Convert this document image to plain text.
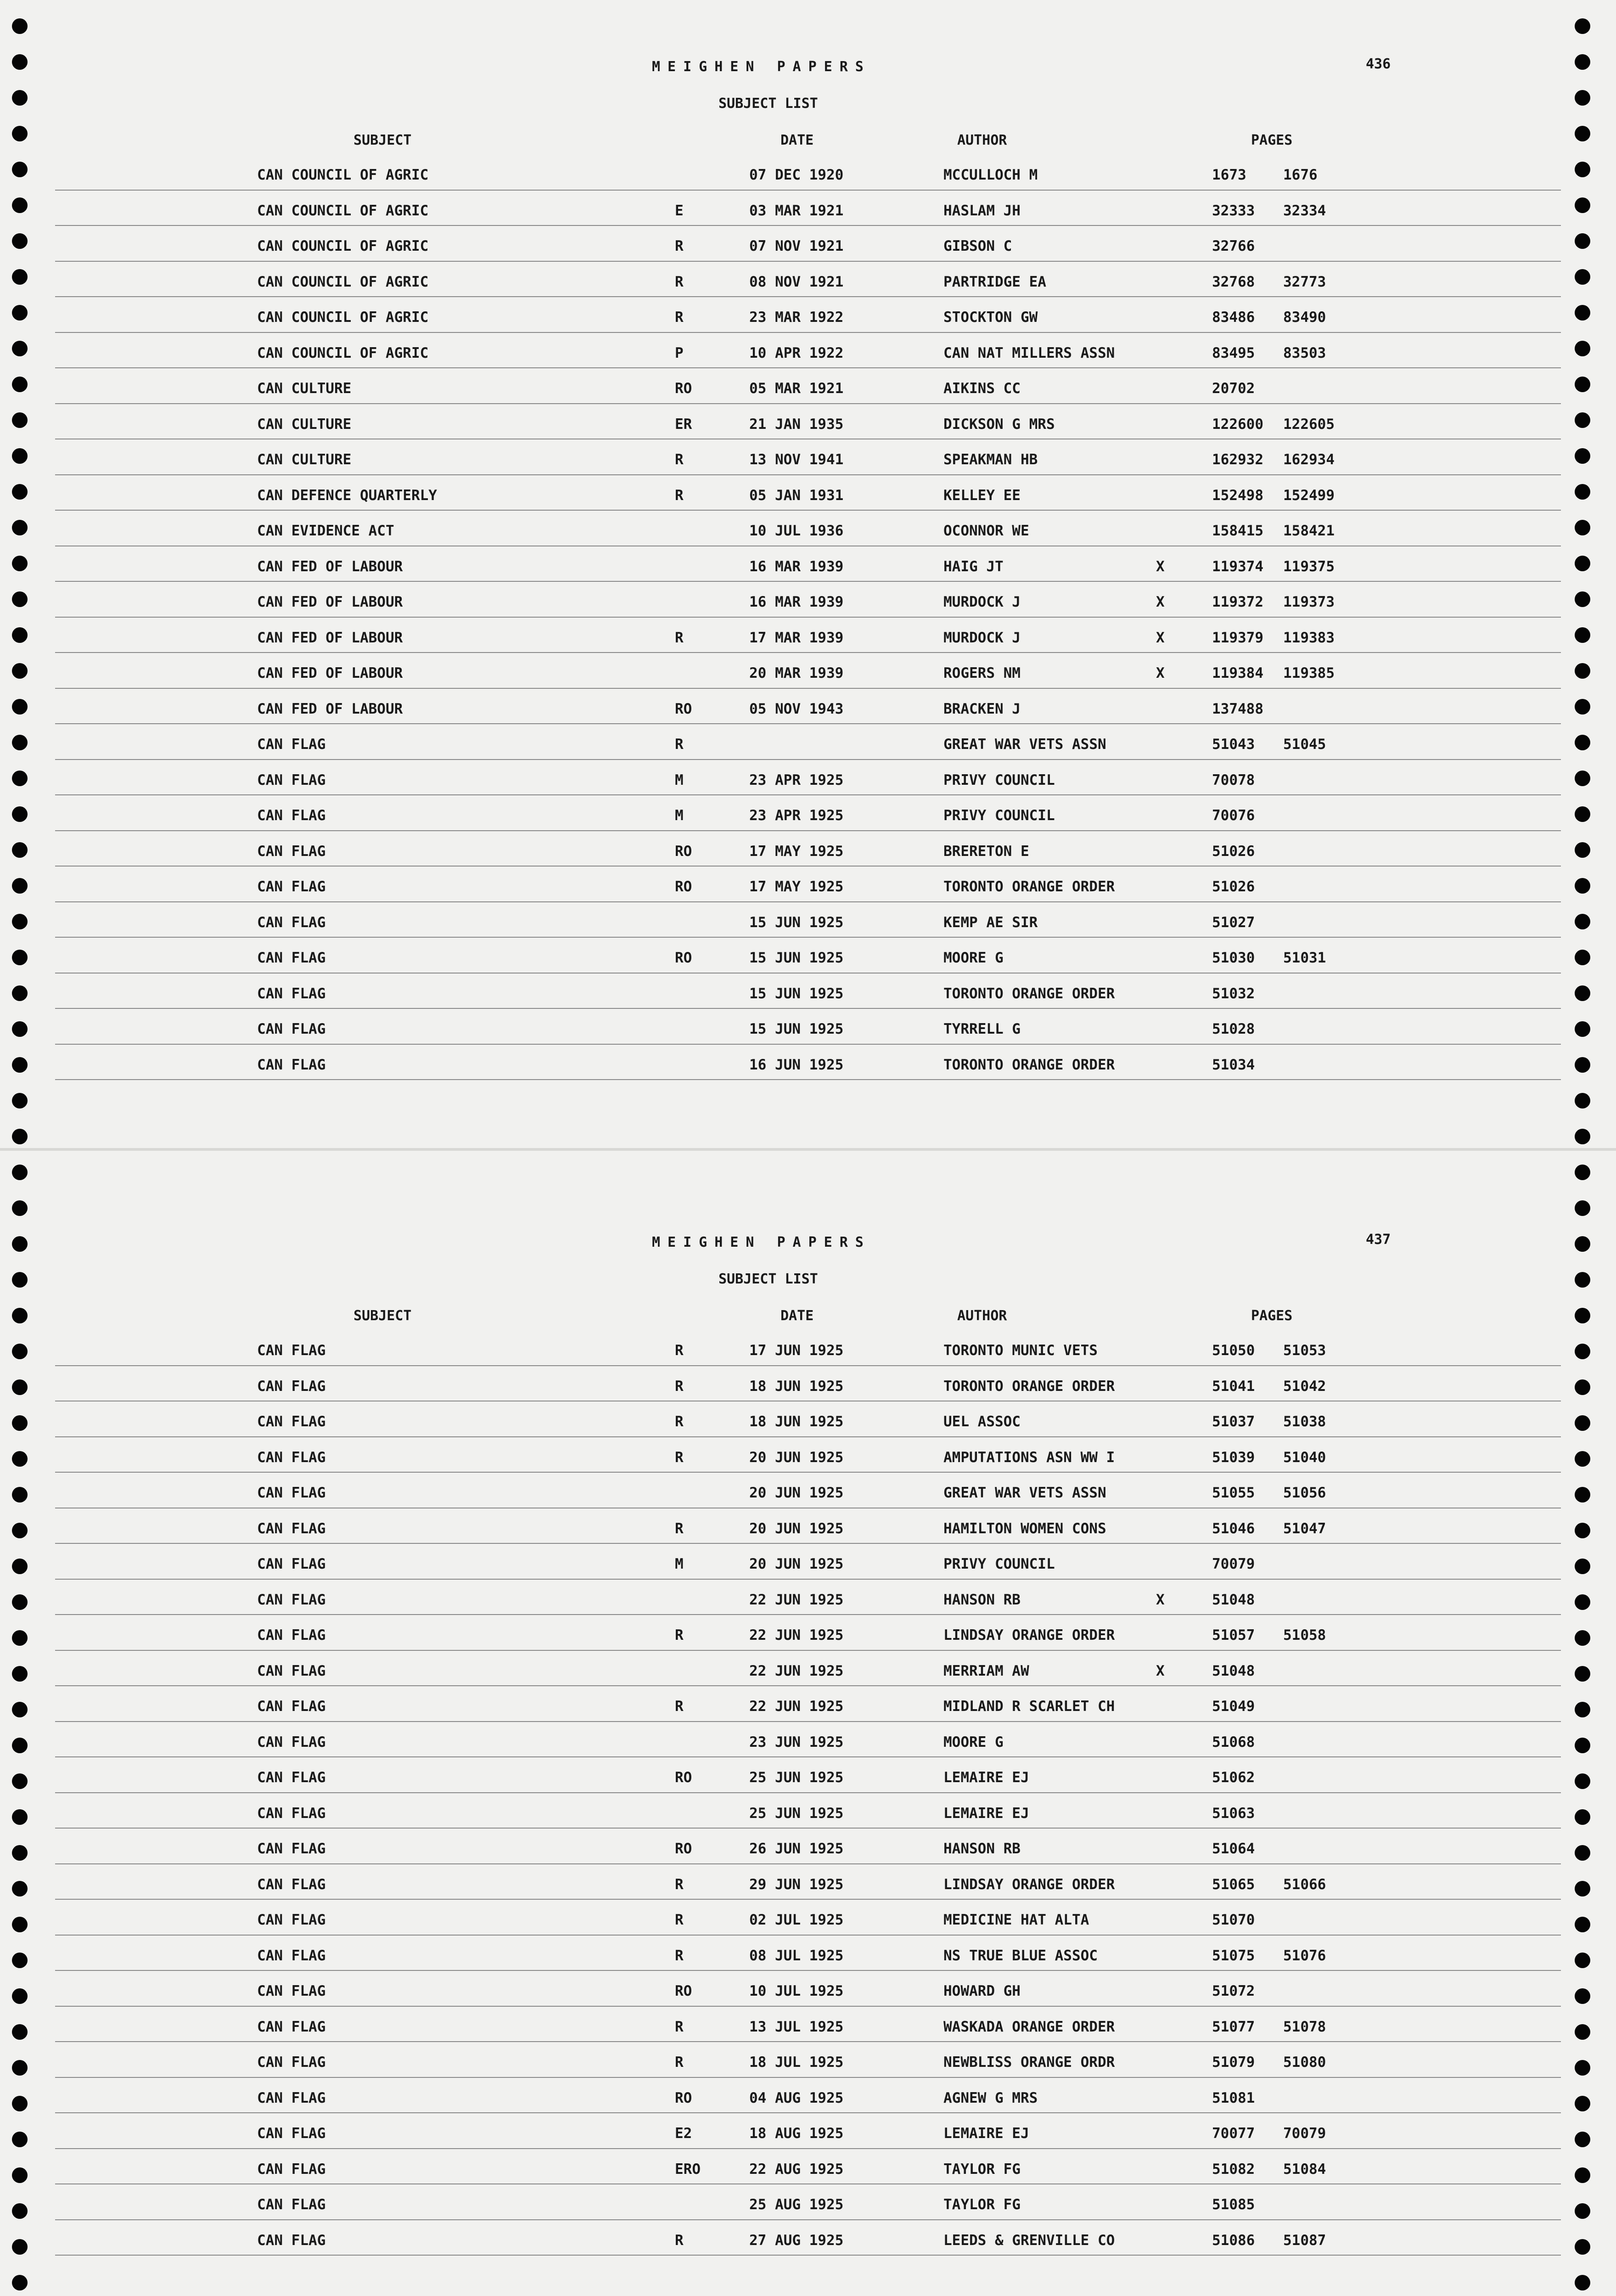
MEIGHEN PAPERS	436
SUBJECT LIST
SUBJECT	DATE	AUTHOR	PAGES
CAN COUNCIL OF AGRIC	07 DEC 1920	MCCULLOCH M	1673	1676
CAN COUNCIL OF AGRIC	E	03 MAR 1921	HASLAM JH	32333 32334
CAN COUNCIL OF AGRIC	R	07 NOV 1921	GIBSON C	32766
CAN COUNCIL OF AGRIC	R	08 NOV 1921	PARTRIDGE EA	32768 32773
CAN COUNCIL OF AGRIC	R	23 MAR 1922	STOCKTON GW	83486 83490
CAN COUNCIL OF AGRIC	P	10 APR 1922	CAN NAT MILLERS ASSN	83495 83503
CAN CULTURE	RO	05 MAR 1921	AIKINS CC	20702
CAN CULTURE	ER	21 JAN 1935	DICKSON G MRS	122600 122605
CAN CULTURE	R	13 NOV 1941	SPEAKMAN HB	162932 162934
CAN DEFENCE QUARTERLY	R	05 JAN 1931	KELLEY EE	152498 152499
CAN EVIDENCE ACT	10 JUL 1936	OCONNOR WE	158415 158421
CAN FED OF LABOUR	16 MAR 1939	HAIG JT	X	119374 119375
CAN FED OF LABOUR	16 MAR 1939	MURDOCK J	X	119372 119373
CAN FED OF LABOUR	R	17 MAR 1939	MURDOCK J	X	119379 119383
CAN FED OF LABOUR	20 MAR 1939	ROGERS NM	X	119384 119385
CAN FED OF LABOUR	RO	05 NOV 1943	BRACKEN J	137488
CAN FLAG	R	GREAT WAR VETS ASSN	51043 51045
CAN FLAG	M	23 APR 1925	PRIVY COUNCIL	70078
CAN FLAG	M	23 APR 1925	PRIVY COUNCIL	70076
CAN FLAG	RO	17 MAY 1925	BRERETON E	51026
CAN FLAG	RO	17 MAY 1925	TORONTO ORANGE ORDER	51026
CAN FLAG	15 JUN 1925	KEMP AE SIR	51027
CAN FLAG	RO	15 JUN 1925	MOORE G	51030 51031
CAN FLAG	15 JUN 1925	TORONTO ORANGE ORDER	51032
CAN FLAG	15 JUN 1925	TYRRELL G	51028
CAN FLAG	16 JUN 1925	TORONTO ORANGE ORDER	51034
MEIGHEN PAPERS	437
SUBJECT LIST
SUBJECT	DATE	AUTHOR	PAGES
CAN FLAG	R	17 JUN 1925	TORONTO MUNIC VETS	51050 51053
CAN FLAG	R	18 JUN 1925	TORONTO ORANGE ORDER	51041 51042
CAN FLAG	R	18 JUN 1925	UEL ASSOC	51037 51038
CAN FLAG	R	20 JUN 1925	AMPUTATIONS ASN WW I	51039 51040
CAN FLAG	20 JUN 1925	GREAT WAR VETS ASSN	51055 51056
CAN FLAG	R	20 JUN 1925	HAMILTON WOMEN CONS	51046 51047
CAN FLAG	M	20 JUN 1925	PRIVY COUNCIL	70079
CAN FLAG	22 JUN 1925	HANSON RB	X	51048
CAN FLAG	R	22 JUN 1925	LINDSAY ORANGE ORDER	51057 51058
CAN FLAG	22 JUN 1925	MERRIAM AW	X	51048
CAN FLAG	R	22 JUN 1925	MIDLAND R SCARLET CH	51049
CAN FLAG	23 JUN 1925	MOORE G	51068
CAN FLAG	RO	25 JUN 1925	LEMAIRE EJ	51062
CAN FLAG	25 JUN 1925	LEMAIRE EJ	51063
CAN FLAG	RO	26 JUN 1925	HANSON RB	51064
CAN FLAG	R	29 JUN 1925	LINDSAY ORANGE ORDER	51065 51066
CAN FLAG	R	02 JUL 1925	MEDICINE HAT ALTA	51070
CAN FLAG	R	08 JUL 1925	NS TRUE BLUE ASSOC	51075 51076
CAN FLAG	RO	10 JUL 1925	HOWARD GH	51072
CAN FLAG	R	13 JUL 1925	WASKADA ORANGE ORDER	51077 51078
CAN FLAG	R	18 JUL 1925	NEWBLISS ORANGE ORDR	51079 51080
CAN FLAG	RO	04 AUG 1925	AGNEW G MRS	51081
CAN FLAG	E2	18 AUG 1925	LEMAIRE EJ	70077 70079
CAN FLAG	ERO	22 AUG 1925	TAYLOR FG	51082 51084
CAN FLAG	25 AUG 1925	TAYLOR FG	51085
CAN FLAG	R	27 AUG 1925	LEEDS & GRENVILLE CO	51086 51087
